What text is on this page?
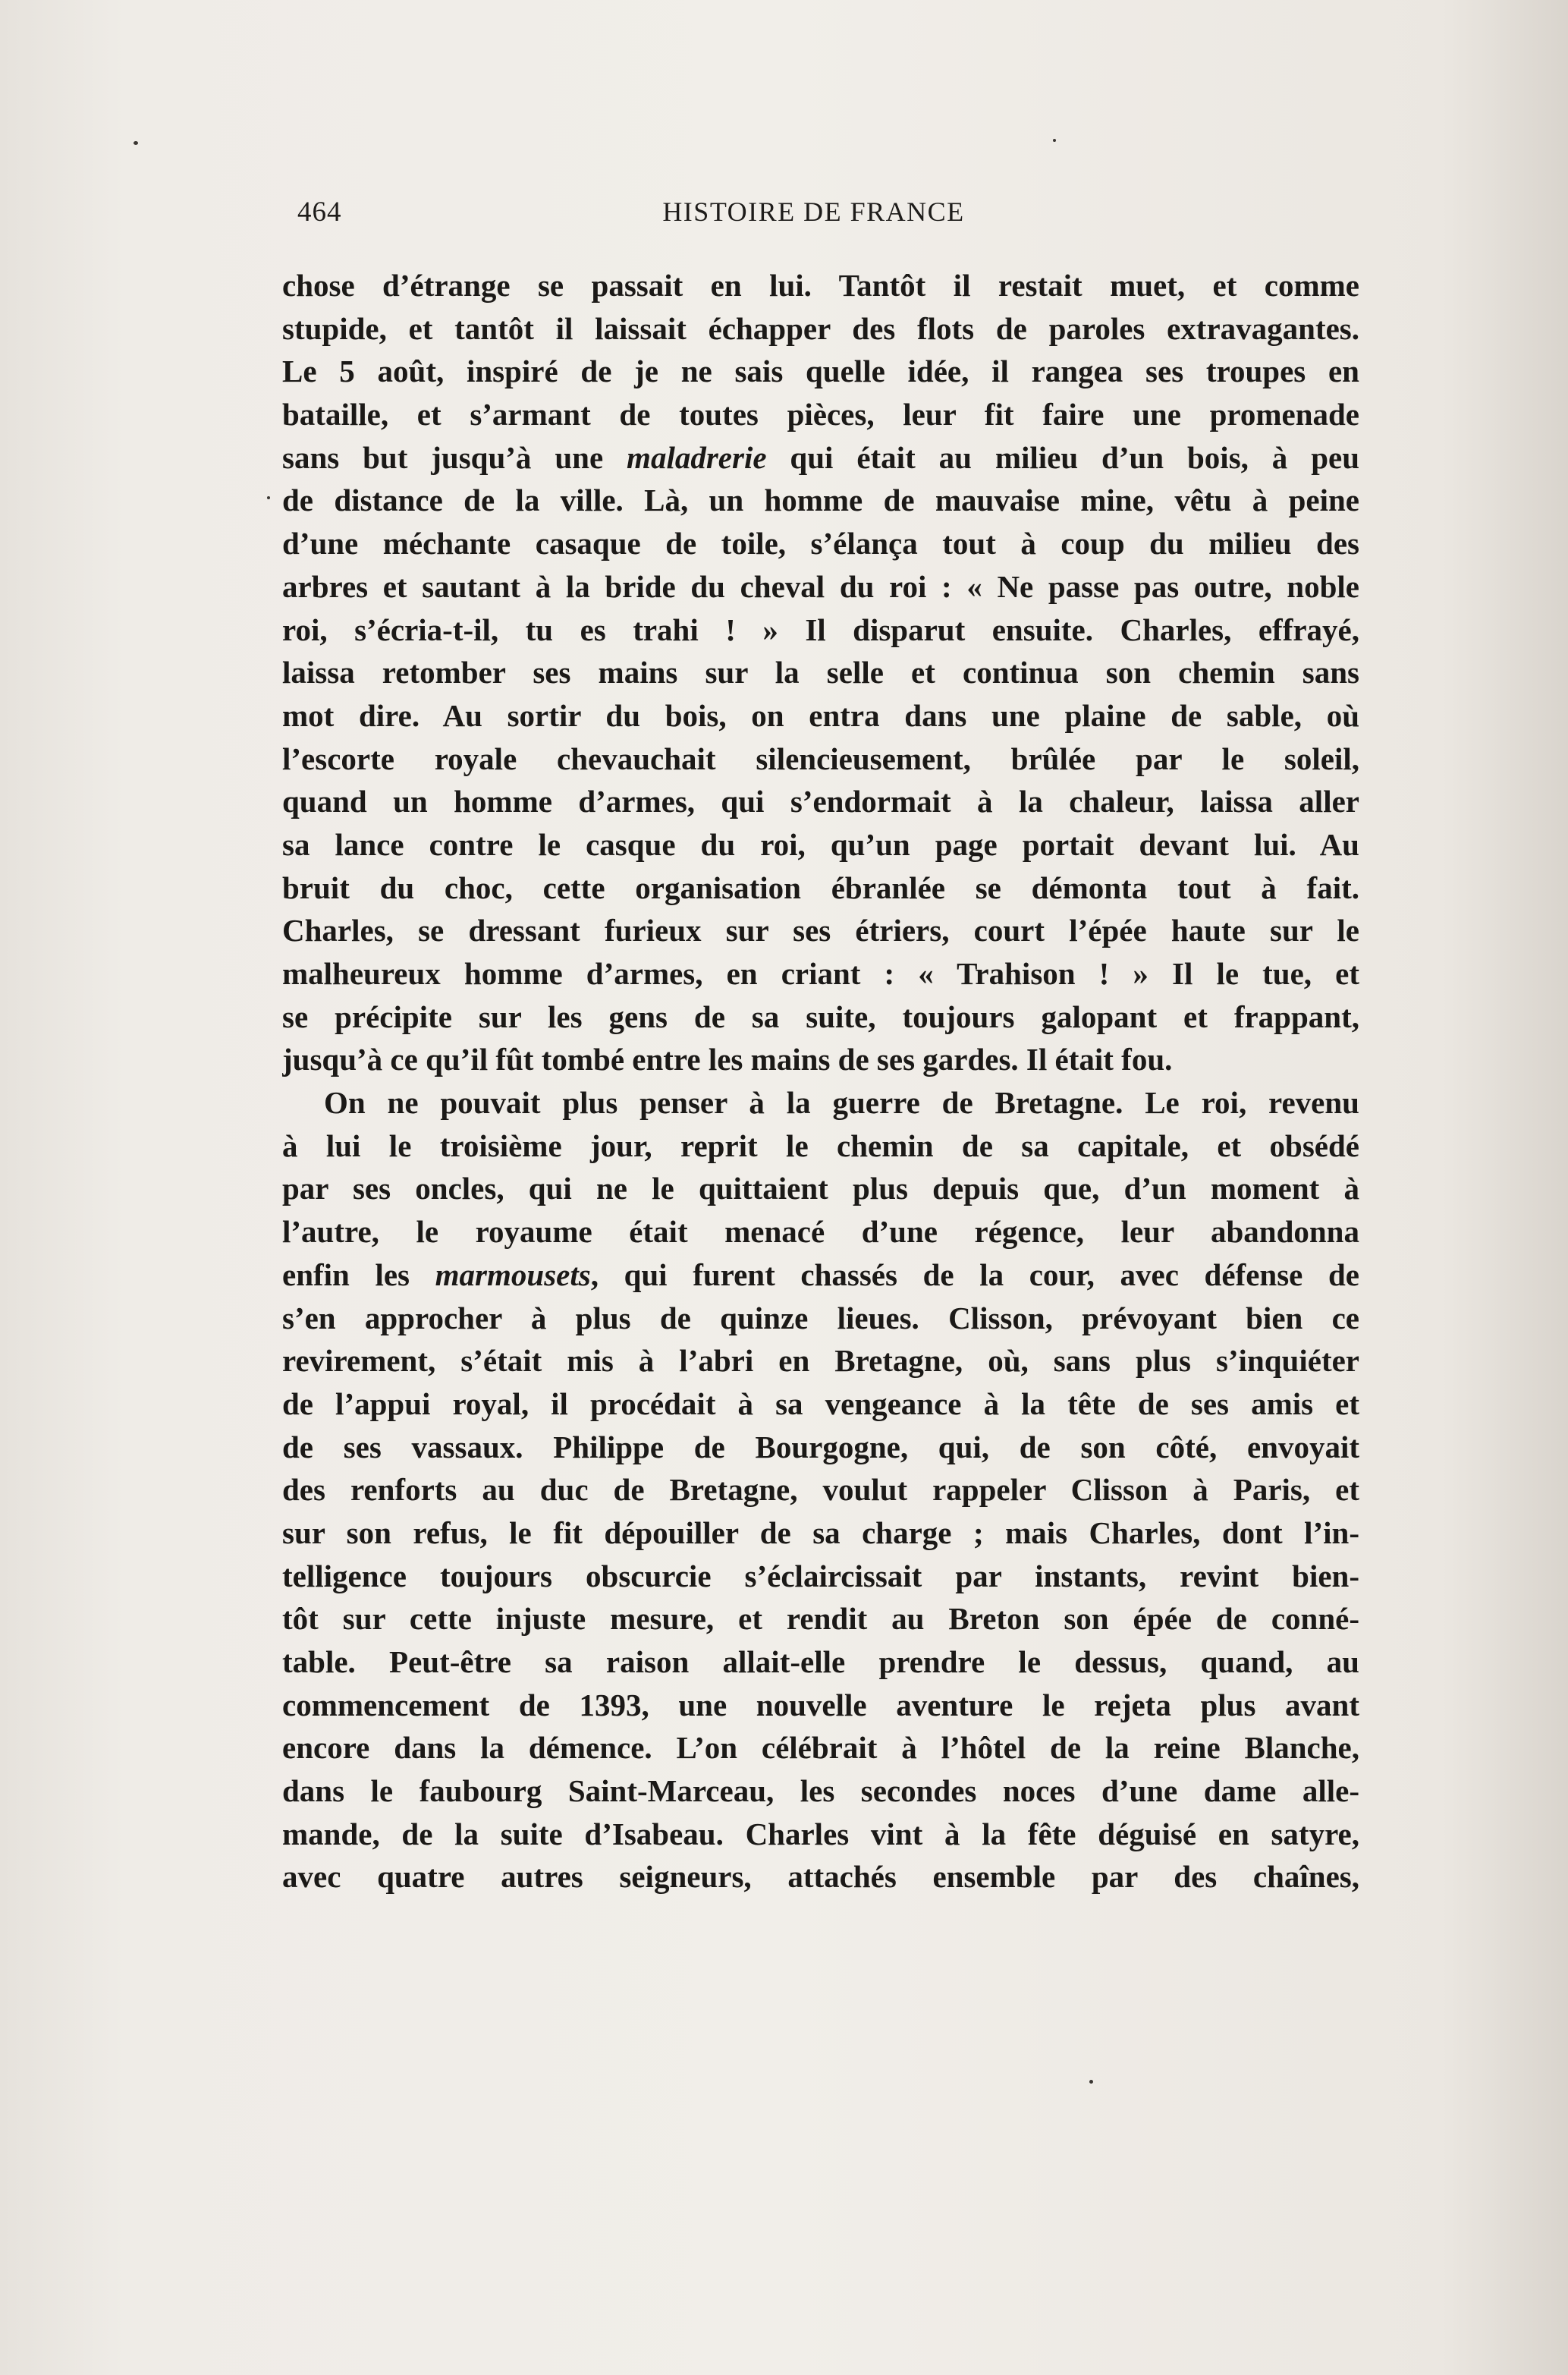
464	HISTOIRE DE FRANCE
chose d’étrange se passait en lui. Tantôt il restait muet, et comme
stupide, et tantôt il laissait échapper des flots de paroles extravagantes.
Le 5 août, inspiré de je ne sais quelle idée, il rangea ses troupes en
bataille, et s’armant de toutes pièces, leur fit faire une promenade
sans but jusqu’à une maladrerie qui était au milieu d’un bois, à peu
de distance de la ville. Là, un homme de mauvaise mine, vêtu à peine
d’une méchante casaque de toile, s’élança tout à coup du milieu des
arbres et sautant à la bride du cheval du roi : « Ne passe pas outre, noble
roi, s’écria-t-il, tu es trahi ! » Il disparut ensuite. Charles, effrayé,
laissa retomber ses mains sur la selle et continua son chemin sans
mot dire. Au sortir du bois, on entra dans une plaine de sable, où
l’escorte royale chevauchait silencieusement, brûlée par le soleil,
quand un homme d’armes, qui s’endormait à la chaleur, laissa aller
sa lance contre le casque du roi, qu’un page portait devant lui. Au
bruit du choc, cette organisation ébranlée se démonta tout à fait.
Charles, se dressant furieux sur ses étriers, court l’épée haute sur le
malheureux homme d’armes, en criant : « Trahison ! » Il le tue, et
se précipite sur les gens de sa suite, toujours galopant et frappant,
jusqu’à ce qu’il fût tombé entre les mains de ses gardes. Il était fou.
On ne pouvait plus penser à la guerre de Bretagne. Le roi, revenu
à lui le troisième jour, reprit le chemin de sa capitale, et obsédé
par ses oncles, qui ne le quittaient plus depuis que, d’un moment à
l’autre, le royaume était menacé d’une régence, leur abandonna
enfin les marmousets, qui furent chassés de la cour, avec défense de
s’en approcher à plus de quinze lieues. Clisson, prévoyant bien ce
revirement, s’était mis à l’abri en Bretagne, où, sans plus s’inquiéter
de l’appui royal, il procédait à sa vengeance à la tête de ses amis et
de ses vassaux. Philippe de Bourgogne, qui, de son côté, envoyait
des renforts au duc de Bretagne, voulut rappeler Clisson à Paris, et
sur son refus, le fit dépouiller de sa charge ; mais Charles, dont l’in-
telligence toujours obscurcie s’éclaircissait par instants, revint bien-
tôt sur cette injuste mesure, et rendit au Breton son épée de conné-
table. Peut-être sa raison allait-elle prendre le dessus, quand, au
commencement de 1393, une nouvelle aventure le rejeta plus avant
encore dans la démence. L’on célébrait à l’hôtel de la reine Blanche,
dans le faubourg Saint-Marceau, les secondes noces d’une dame alle-
mande, de la suite d’Isabeau. Charles vint à la fête déguisé en satyre,
avec quatre autres seigneurs, attachés ensemble par des chaînes,
